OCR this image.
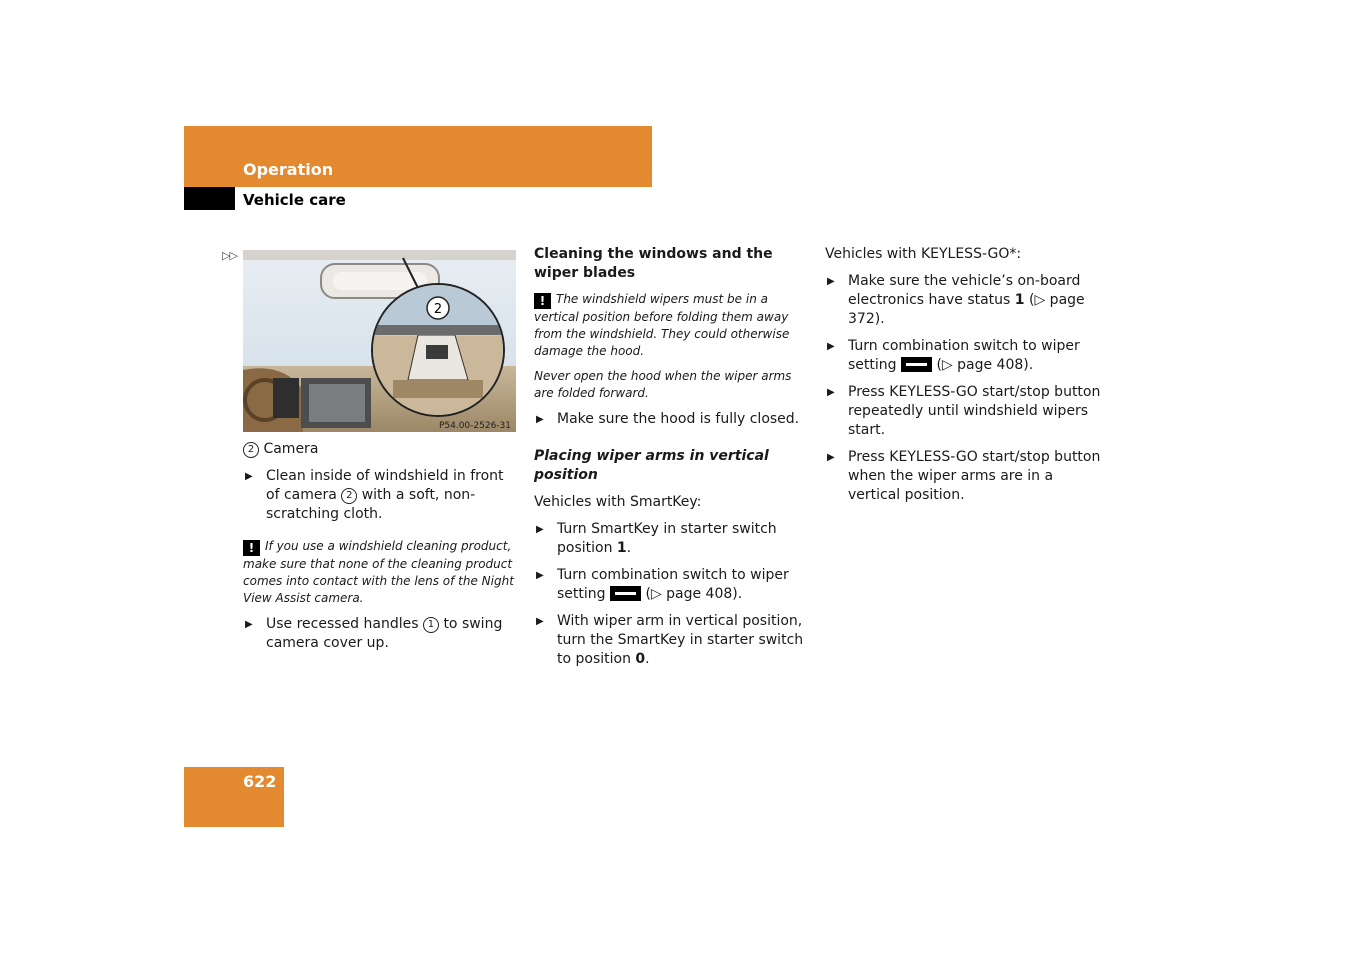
Operation
Vehicle care
▷▷
2
P54.00-2526-31

2 Camera

▶ Clean inside of windshield in front of camera 2 with a soft, non-scratching cloth.

! If you use a windshield cleaning product, make sure that none of the cleaning product comes into contact with the lens of the Night View Assist camera.

▶ Use recessed handles 1 to swing camera cover up.

Cleaning the windows and the wiper blades

! The windshield wipers must be in a vertical position before folding them away from the windshield. They could otherwise damage the hood.

Never open the hood when the wiper arms are folded forward.

▶ Make sure the hood is fully closed.

Placing wiper arms in vertical position

Vehicles with SmartKey:

▶ Turn SmartKey in starter switch position 1.
▶ Turn combination switch to wiper setting	(▷ page 408).
▶ With wiper arm in vertical position, turn the SmartKey in starter switch to position 0.

Vehicles with KEYLESS-GO*:

▶ Make sure the vehicle’s on-board electronics have status 1 (▷ page 372).
▶ Turn combination switch to wiper setting	(▷ page 408).
▶ Press KEYLESS-GO start/stop button repeatedly until windshield wipers start.
▶ Press KEYLESS-GO start/stop button when the wiper arms are in a vertical position.
622
